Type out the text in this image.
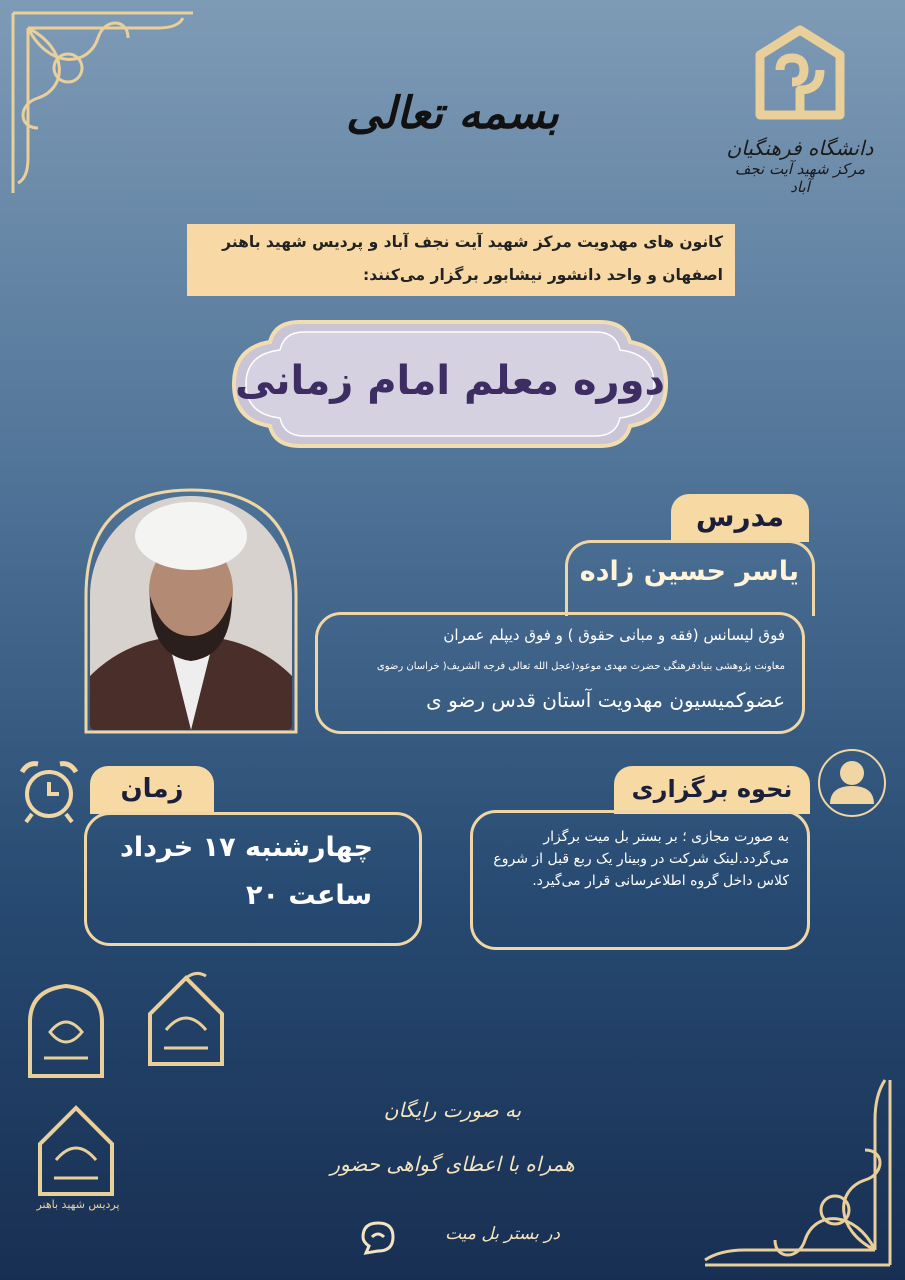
بسمه تعالی
دانشگاه فرهنگیان
مرکز شهید آیت نجف آباد
کانون های مهدویت مرکز شهید آیت نجف آباد و پردیس شهید باهنر
اصفهان و واحد دانشور نیشابور برگزار می‌کنند:
دوره معلم امام زمانی
مدرس
یاسر حسین زاده
فوق لیسانس (فقه و مبانی حقوق ) و فوق دیپلم عمران
معاونت پژوهشی بنیادفرهنگی حضرت مهدی موعود(عجل الله تعالی فرجه الشریف( خراسان رضوی
عضوکمیسیون مهدویت آستان قدس رضو ی
نحوه برگزاری
به صورت مجازی ؛ بر بستر بل میت برگزار می‌گردد.لینک شرکت در وبینار یک ربع قبل از شروع کلاس داخل گروه اطلاعرسانی قرار می‌گیرد.
زمان
چهارشنبه ۱۷ خرداد
ساعت ۲۰
پردیس شهید باهنر
به صورت رایگان
همراه با اعطای گواهی حضور
در بستر بل میت
